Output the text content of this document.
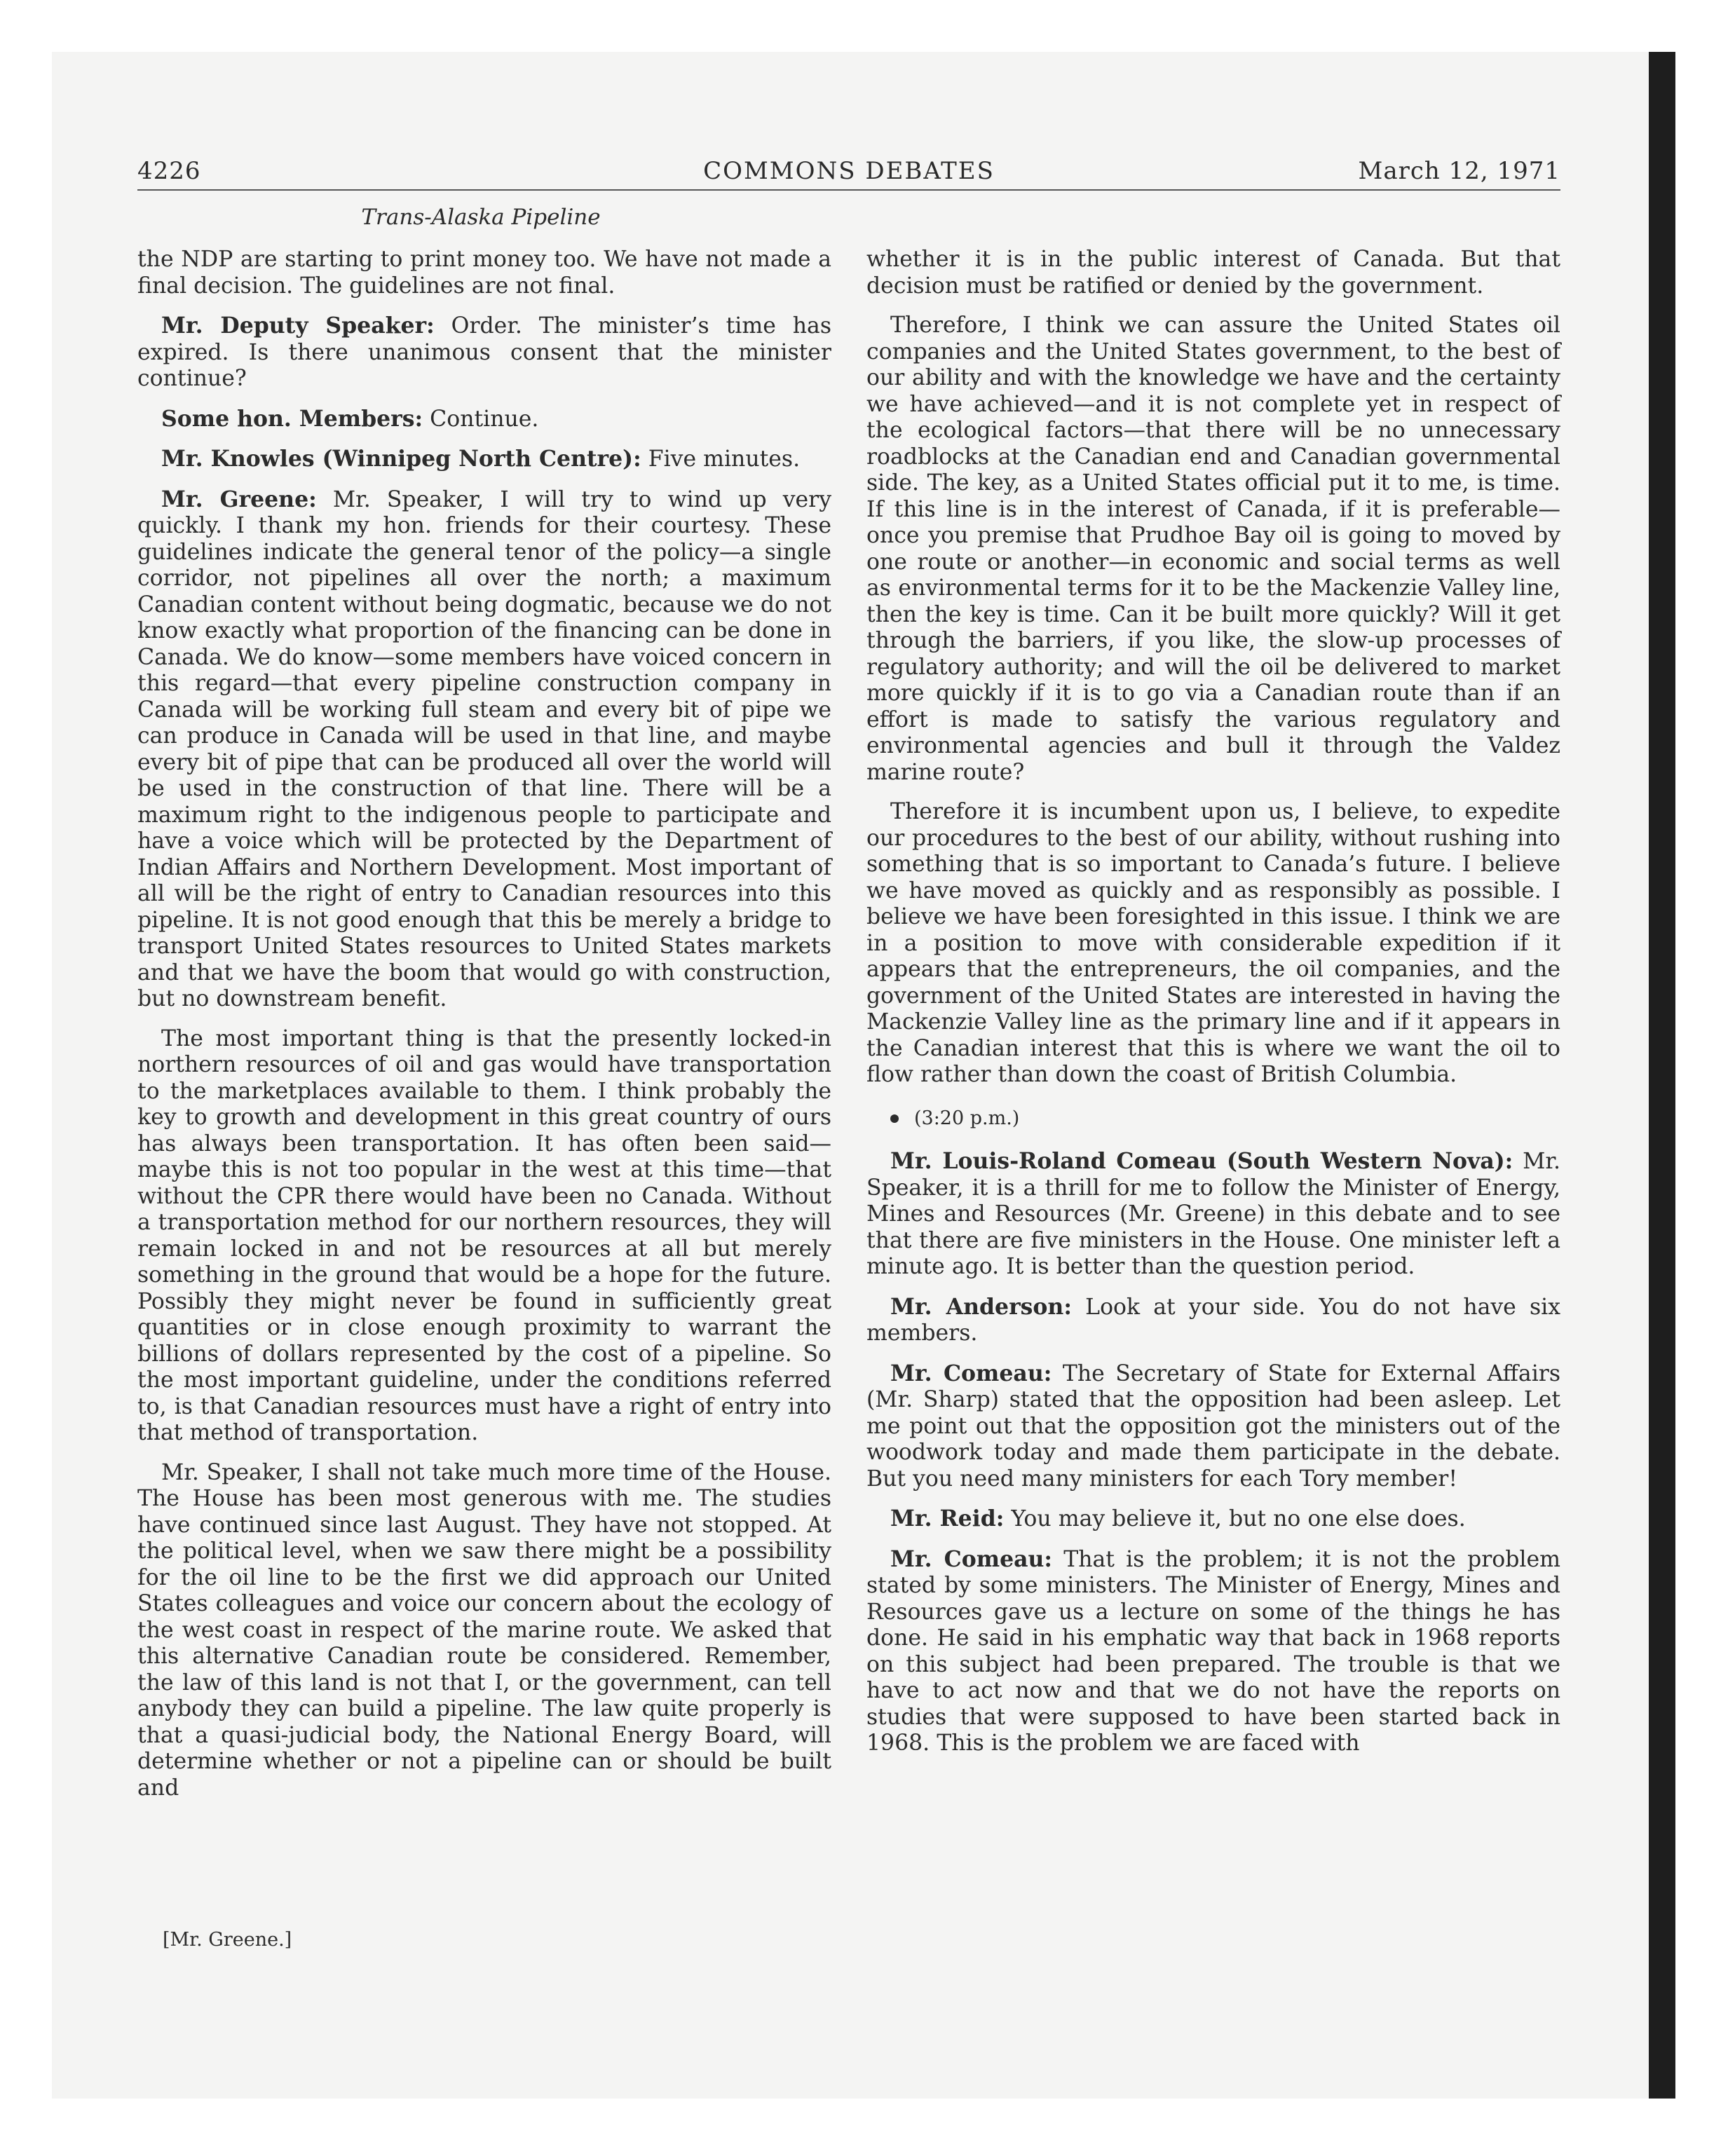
4226	COMMONS DEBATES	March 12, 1971
Trans-Alaska Pipeline

the NDP are starting to print money too. We have not made a final decision. The guidelines are not final.

Mr. Deputy Speaker: Order. The minister’s time has expired. Is there unanimous consent that the minister continue?

Some hon. Members: Continue.

Mr. Knowles (Winnipeg North Centre): Five minutes.

Mr. Greene: Mr. Speaker, I will try to wind up very quickly. I thank my hon. friends for their courtesy. These guidelines indicate the general tenor of the policy—a single corridor, not pipelines all over the north; a maximum Canadian content without being dogmatic, because we do not know exactly what proportion of the financing can be done in Canada. We do know—some members have voiced concern in this regard—that every pipeline construction company in Canada will be working full steam and every bit of pipe we can produce in Canada will be used in that line, and maybe every bit of pipe that can be produced all over the world will be used in the construction of that line. There will be a maximum right to the indigenous people to participate and have a voice which will be protected by the Department of Indian Affairs and Northern Development. Most important of all will be the right of entry to Canadian resources into this pipeline. It is not good enough that this be merely a bridge to transport United States resources to United States markets and that we have the boom that would go with construction, but no downstream benefit.

The most important thing is that the presently locked-in northern resources of oil and gas would have transportation to the marketplaces available to them. I think probably the key to growth and development in this great country of ours has always been transportation. It has often been said—maybe this is not too popular in the west at this time—that without the CPR there would have been no Canada. Without a transportation method for our northern resources, they will remain locked in and not be resources at all but merely something in the ground that would be a hope for the future. Possibly they might never be found in sufficiently great quantities or in close enough proximity to warrant the billions of dollars represented by the cost of a pipeline. So the most important guideline, under the conditions referred to, is that Canadian resources must have a right of entry into that method of transportation.

Mr. Speaker, I shall not take much more time of the House. The House has been most generous with me. The studies have continued since last August. They have not stopped. At the political level, when we saw there might be a possibility for the oil line to be the first we did approach our United States colleagues and voice our concern about the ecology of the west coast in respect of the marine route. We asked that this alternative Canadian route be considered. Remember, the law of this land is not that I, or the government, can tell anybody they can build a pipeline. The law quite properly is that a quasi-judicial body, the National Energy Board, will determine whether or not a pipeline can or should be built and

whether it is in the public interest of Canada. But that decision must be ratified or denied by the government.

Therefore, I think we can assure the United States oil companies and the United States government, to the best of our ability and with the knowledge we have and the certainty we have achieved—and it is not complete yet in respect of the ecological factors—that there will be no unnecessary roadblocks at the Canadian end and Canadian governmental side. The key, as a United States official put it to me, is time. If this line is in the interest of Canada, if it is preferable—once you premise that Prudhoe Bay oil is going to moved by one route or another—in economic and social terms as well as environmental terms for it to be the Mackenzie Valley line, then the key is time. Can it be built more quickly? Will it get through the barriers, if you like, the slow-up processes of regulatory authority; and will the oil be delivered to market more quickly if it is to go via a Canadian route than if an effort is made to satisfy the various regulatory and environmental agencies and bull it through the Valdez marine route?

Therefore it is incumbent upon us, I believe, to expedite our procedures to the best of our ability, without rushing into something that is so important to Canada’s future. I believe we have moved as quickly and as responsibly as possible. I believe we have been foresighted in this issue. I think we are in a position to move with considerable expedition if it appears that the entrepreneurs, the oil companies, and the government of the United States are interested in having the Mackenzie Valley line as the primary line and if it appears in the Canadian interest that this is where we want the oil to flow rather than down the coast of British Columbia.

(3:20 p.m.)

Mr. Louis-Roland Comeau (South Western Nova): Mr. Speaker, it is a thrill for me to follow the Minister of Energy, Mines and Resources (Mr. Greene) in this debate and to see that there are five ministers in the House. One minister left a minute ago. It is better than the question period.

Mr. Anderson: Look at your side. You do not have six members.

Mr. Comeau: The Secretary of State for External Affairs (Mr. Sharp) stated that the opposition had been asleep. Let me point out that the opposition got the ministers out of the woodwork today and made them participate in the debate. But you need many ministers for each Tory member!

Mr. Reid: You may believe it, but no one else does.

Mr. Comeau: That is the problem; it is not the problem stated by some ministers. The Minister of Energy, Mines and Resources gave us a lecture on some of the things he has done. He said in his emphatic way that back in 1968 reports on this subject had been prepared. The trouble is that we have to act now and that we do not have the reports on studies that were supposed to have been started back in 1968. This is the problem we are faced with

[Mr. Greene.]
